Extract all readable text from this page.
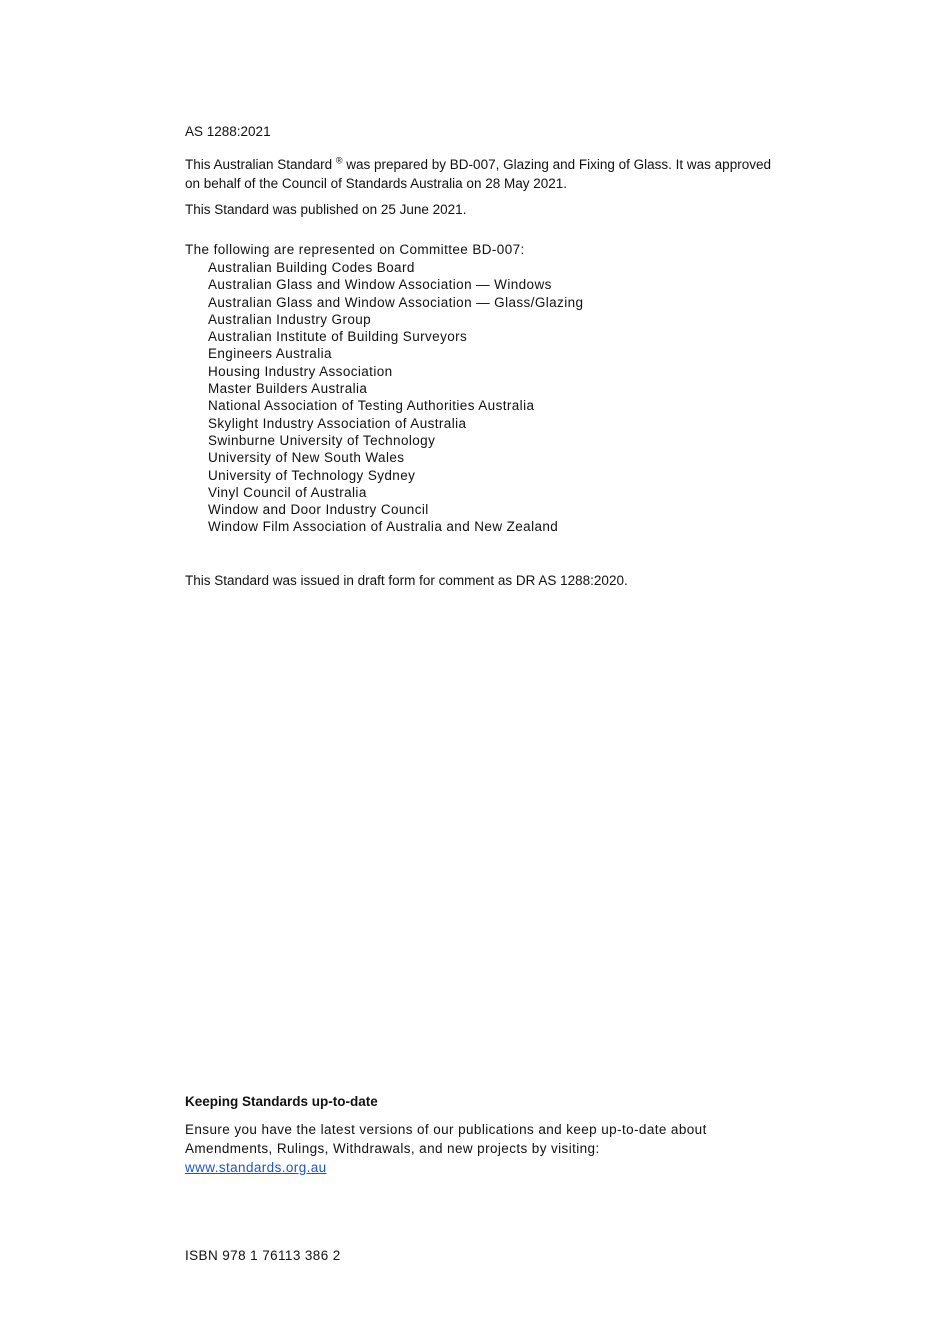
AS 1288:2021
This Australian Standard ® was prepared by BD-007, Glazing and Fixing of Glass. It was approved on behalf of the Council of Standards Australia on 28 May 2021.
This Standard was published on 25 June 2021.
The following are represented on Committee BD-007:
Australian Building Codes Board
Australian Glass and Window Association — Windows
Australian Glass and Window Association — Glass/Glazing
Australian Industry Group
Australian Institute of Building Surveyors
Engineers Australia
Housing Industry Association
Master Builders Australia
National Association of Testing Authorities Australia
Skylight Industry Association of Australia
Swinburne University of Technology
University of New South Wales
University of Technology Sydney
Vinyl Council of Australia
Window and Door Industry Council
Window Film Association of Australia and New Zealand
This Standard was issued in draft form for comment as DR AS 1288:2020.
Keeping Standards up-to-date
Ensure you have the latest versions of our publications and keep up-to-date about Amendments, Rulings, Withdrawals, and new projects by visiting:
www.standards.org.au
ISBN 978 1 76113 386 2
